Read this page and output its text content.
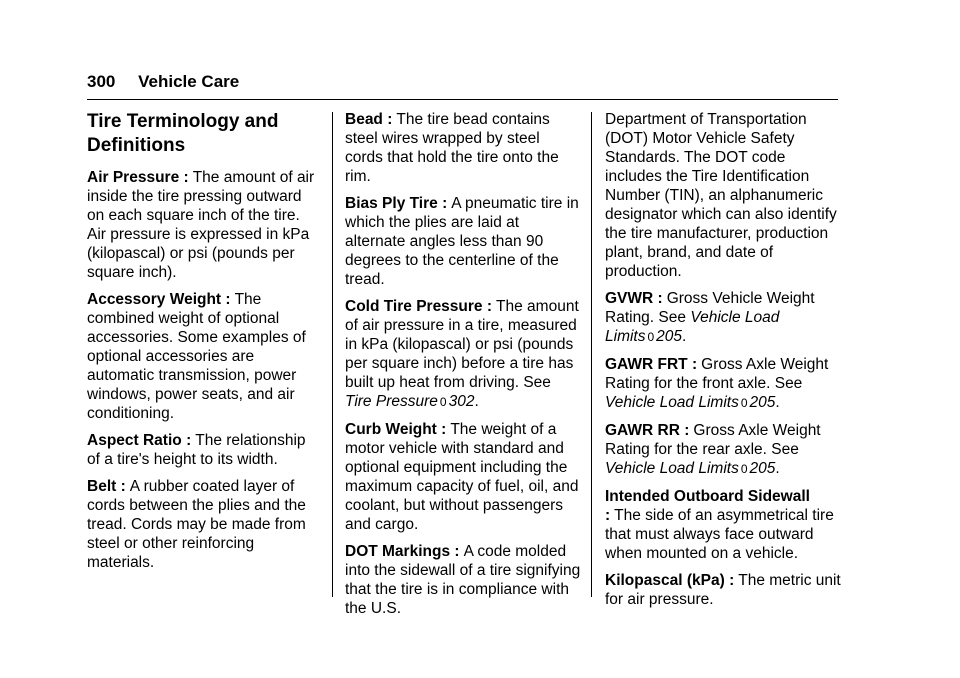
300 Vehicle Care
Tire Terminology and Definitions

Air Pressure : The amount of air inside the tire pressing outward on each square inch of the tire. Air pressure is expressed in kPa (kilopascal) or psi (pounds per square inch).

Accessory Weight : The combined weight of optional accessories. Some examples of optional accessories are automatic transmission, power windows, power seats, and air conditioning.

Aspect Ratio : The relationship of a tire's height to its width.

Belt : A rubber coated layer of cords between the plies and the tread. Cords may be made from steel or other reinforcing materials.

Bead : The tire bead contains steel wires wrapped by steel cords that hold the tire onto the rim.

Bias Ply Tire : A pneumatic tire in which the plies are laid at alternate angles less than 90 degrees to the centerline of the tread.

Cold Tire Pressure : The amount of air pressure in a tire, measured in kPa (kilopascal) or psi (pounds per square inch) before a tire has built up heat from driving. See Tire Pressure 0 302.

Curb Weight : The weight of a motor vehicle with standard and optional equipment including the maximum capacity of fuel, oil, and coolant, but without passengers and cargo.

DOT Markings : A code molded into the sidewall of a tire signifying that the tire is in compliance with the U.S.

Department of Transportation (DOT) Motor Vehicle Safety Standards. The DOT code includes the Tire Identification Number (TIN), an alphanumeric designator which can also identify the tire manufacturer, production plant, brand, and date of production.

GVWR : Gross Vehicle Weight Rating. See Vehicle Load Limits 0 205.

GAWR FRT : Gross Axle Weight Rating for the front axle. See Vehicle Load Limits 0 205.

GAWR RR : Gross Axle Weight Rating for the rear axle. See Vehicle Load Limits 0 205.

Intended Outboard Sidewall : The side of an asymmetrical tire that must always face outward when mounted on a vehicle.

Kilopascal (kPa) : The metric unit for air pressure.
